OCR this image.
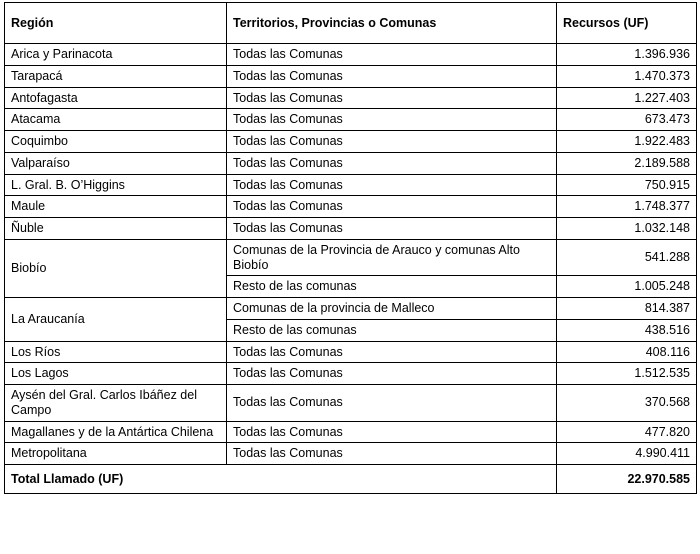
Región	Territorios, Provincias o Comunas	Recursos (UF)
Arica y Parinacota	Todas las Comunas	1.396.936
Tarapacá	Todas las Comunas	1.470.373
Antofagasta	Todas las Comunas	1.227.403
Atacama	Todas las Comunas	673.473
Coquimbo	Todas las Comunas	1.922.483
Valparaíso	Todas las Comunas	2.189.588
L. Gral. B. O’Higgins	Todas las Comunas	750.915
Maule	Todas las Comunas	1.748.377
Ñuble	Todas las Comunas	1.032.148
Biobío	Comunas de la Provincia de Arauco y comunas Alto Biobío	541.288
	Resto de las comunas	1.005.248
La Araucanía	Comunas de la provincia de Malleco	814.387
	Resto de las comunas	438.516
Los Ríos	Todas las Comunas	408.116
Los Lagos	Todas las Comunas	1.512.535
Aysén del Gral. Carlos Ibáñez del Campo	Todas las Comunas	370.568
Magallanes y de la Antártica Chilena	Todas las Comunas	477.820
Metropolitana	Todas las Comunas	4.990.411
Total Llamado (UF)		22.970.585
